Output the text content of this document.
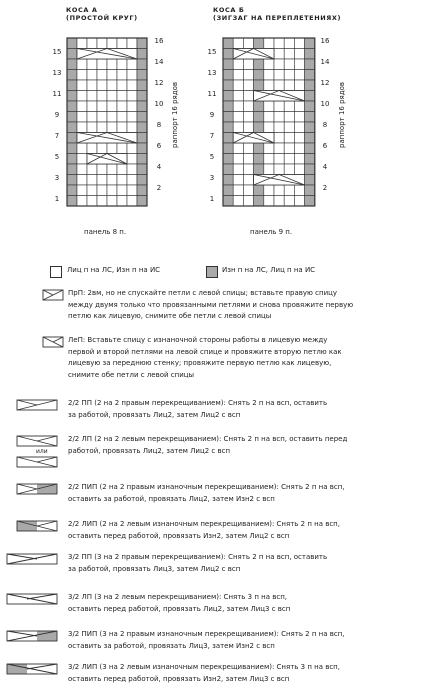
КОСА А
(ПРОСТОЙ КРУГ)
15
13
11
9
7
5
3
1
16
14
12
10
8
6
4
2
раппорт 16 рядов
панель 8 п.
КОСА Б
(ЗИГЗАГ НА ПЕРЕПЛЕТЕНИЯХ)
15
13
11
9
7
5
3
1
16
14
12
10
8
6
4
2
раппорт 16 рядов
панель 9 п.
Лиц п на ЛС, Изн п на ИС	Изн п на ЛС, Лиц п на ИС
ПрП: 2вм, но не спускайте петли с левой спицы; вставьте правую спицу
между двумя только что провязанными петлями и снова провяжите первую
петлю как лицевую, снимите обе петли с левой спицы
ЛеП: Вставьте спицу с изнаночной стороны работы в лицевую между
первой и второй петлями на левой спице и провяжите вторую петлю как
лицевую за переднюю стенку; провяжите первую петлю как лицевую,
снимите обе петли с левой спицы
2/2 ПП (2 на 2 правым перекрещиванием): Снять 2 п на всп, оставить
за работой, провязать Лиц2, затем Лиц2 с всп
2/2 ЛП (2 на 2 левым перекрещиванием): Снять 2 п на всп, оставить перед
работой, провязать Лиц2, затем Лиц2 с всп
2/2 ПИП (2 на 2 правым изнаночным перекрещиванием): Снять 2 п на всп,
оставить за работой, провязать Лиц2, затем Изн2 с всп
2/2 ЛИП (2 на 2 левым изнаночным перекрещиванием): Снять 2 п на всп,
оставить перед работой, провязать Изн2, затем Лиц2 с всп
3/2 ПП (3 на 2 правым перекрещиванием): Снять 2 п на всп, оставить
за работой, провязать Лиц3, затем Лиц2 с всп
3/2 ЛП (3 на 2 левым перекрещиванием): Снять 3 п на всп,
оставить перед работой, провязать Лиц2, затем Лиц3 с всп
3/2 ПИП (3 на 2 правым изнаночным перекрещиванием): Снять 2 п на всп,
оставить за работой, провязать Лиц3, затем Изн2 с всп
3/2 ЛИП (3 на 2 левым изнаночным перекрещиванием): Снять 3 п на всп,
оставить перед работой, провязать Изн2, затем Лиц3 с всп
или
